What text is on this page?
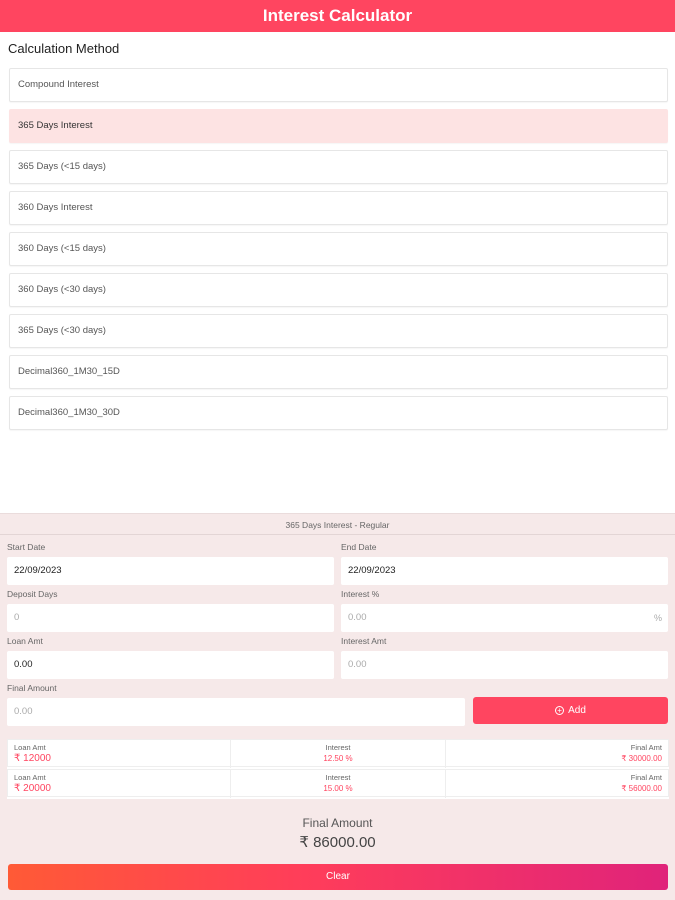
Interest Calculator
Calculation Method
Compound Interest
365 Days Interest
365 Days (<15 days)
360 Days Interest
360 Days (<15 days)
360 Days (<30 days)
365 Days (<30 days)
Decimal360_1M30_15D
Decimal360_1M30_30D
365 Days Interest - Regular
Start Date
22/09/2023
End Date
22/09/2023
Deposit Days
0
Interest %
0.00	%
Loan Amt
0.00
Interest Amt
0.00
Final Amount
0.00	+ Add
Loan Amt
₹ 12000
Interest
12.50 %
Final Amt
₹ 30000.00
Loan Amt
₹ 20000
Interest
15.00 %
Final Amt
₹ 56000.00
Final Amount
₹ 86000.00
Clear
